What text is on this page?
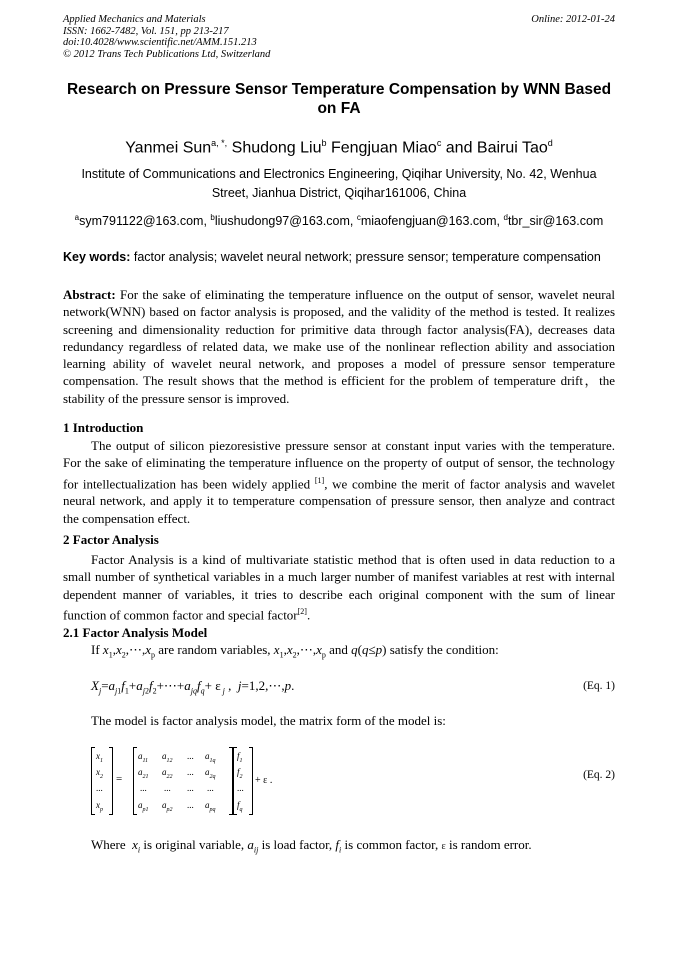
Applied Mechanics and Materials
ISSN: 1662-7482, Vol. 151, pp 213-217
doi:10.4028/www.scientific.net/AMM.151.213
© 2012 Trans Tech Publications Ltd, Switzerland
Online: 2012-01-24
Research on Pressure Sensor Temperature Compensation by WNN Based on FA
Yanmei Sun$^{a, *,}$ Shudong Liu$^b$ Fengjuan Miao$^c$ and Bairui Tao$^d$
Institute of Communications and Electronics Engineering, Qiqihar University, No. 42, Wenhua Street, Jianhua District, Qiqihar161006, China
$^a$sym791122@163.com, $^b$liushudong97@163.com, $^c$miaofengjuan@163.com, $^d$tbr_sir@163.com
Key words: factor analysis; wavelet neural network; pressure sensor; temperature compensation
Abstract: For the sake of eliminating the temperature influence on the output of sensor, wavelet neural network(WNN) based on factor analysis is proposed, and the validity of the method is tested. It realizes screening and dimensionality reduction for primitive data through factor analysis(FA), decreases data redundancy regardless of related data, we make use of the nonlinear reflection ability and association learning ability of wavelet neural network, and proposes a model of pressure sensor temperature compensation. The result shows that the method is efficient for the problem of temperature drift，the stability of the pressure sensor is improved.
1 Introduction
The output of silicon piezoresistive pressure sensor at constant input varies with the temperature. For the sake of eliminating the temperature influence on the property of output of sensor, the technology for intellectualization has been widely applied [1], we combine the merit of factor analysis and wavelet neural network, and apply it to temperature compensation of pressure sensor, then analyze and contract the compensation effect.
2 Factor Analysis
Factor Analysis is a kind of multivariate statistic method that is often used in data reduction to a small number of synthetical variables in a much larger number of manifest variables at rest with internal dependent manner of variables, it tries to describe each original component with the sum of linear function of common factor and special factor[2].
2.1 Factor Analysis Model
If $x_1,x_2,\cdots,x_p$ are random variables, $x_1,x_2,\cdots,x_p$ and q(q≤p) satisfy the condition:
$X_j=a_{j1}f_1+a_{j2}f_2+\cdots+a_{jq}f_q+ \varepsilon$ $_j$ ,  j=1,2,⋯,p.	(Eq. 1)
The model is factor analysis model, the matrix form of the model is:
$x_1$
$x_2$
...
$x_p$
=
$a_{11}$ $a_{12}$ ... $a_{1q}$
$a_{21}$ $a_{22}$ ... $a_{2q}$
... ... ... ...
$a_{p1}$ $a_{p2}$ ... $a_{pq}$
$f_1$
$f_2$
...
$f_q$
+ ε .	(Eq. 2)
Where $x_i$ is original variable, $a_{ij}$ is load factor, $f_i$ is common factor, ε is random error.
